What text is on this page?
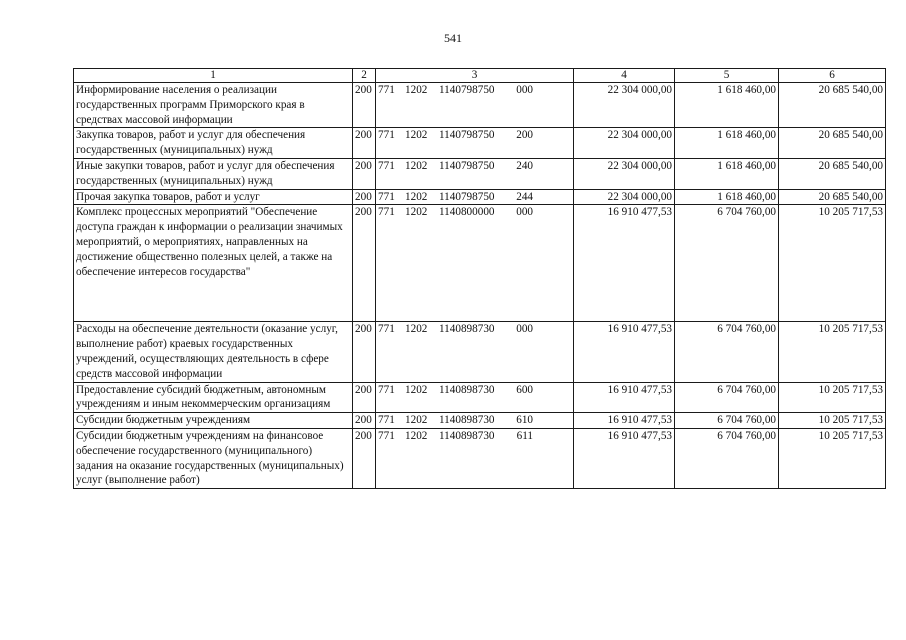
541
1	2	3	4	5	6
Информирование населения о реализации государственных программ Приморского края в средствах массовой информации	200	771 1202 1140798750 000	22 304 000,00	1 618 460,00	20 685 540,00
Закупка товаров, работ и услуг для обеспечения государственных (муниципальных) нужд	200	771 1202 1140798750 200	22 304 000,00	1 618 460,00	20 685 540,00
Иные закупки товаров, работ и услуг для обеспечения государственных (муниципальных) нужд	200	771 1202 1140798750 240	22 304 000,00	1 618 460,00	20 685 540,00
Прочая закупка товаров, работ и услуг	200	771 1202 1140798750 244	22 304 000,00	1 618 460,00	20 685 540,00
Комплекс процессных мероприятий "Обеспечение доступа граждан к информации о реализации значимых мероприятий, о мероприятиях, направленных на достижение общественно полезных целей, а также на обеспечение интересов государства"	200	771 1202 1140800000 000	16 910 477,53	6 704 760,00	10 205 717,53
Расходы на обеспечение деятельности (оказание услуг, выполнение работ) краевых государственных учреждений, осуществляющих деятельность в сфере средств массовой информации	200	771 1202 1140898730 000	16 910 477,53	6 704 760,00	10 205 717,53
Предоставление субсидий бюджетным, автономным учреждениям и иным некоммерческим организациям	200	771 1202 1140898730 600	16 910 477,53	6 704 760,00	10 205 717,53
Субсидии бюджетным учреждениям	200	771 1202 1140898730 610	16 910 477,53	6 704 760,00	10 205 717,53
Субсидии бюджетным учреждениям на финансовое обеспечение государственного (муниципального) задания на оказание государственных (муниципальных) услуг (выполнение работ)	200	771 1202 1140898730 611	16 910 477,53	6 704 760,00	10 205 717,53
